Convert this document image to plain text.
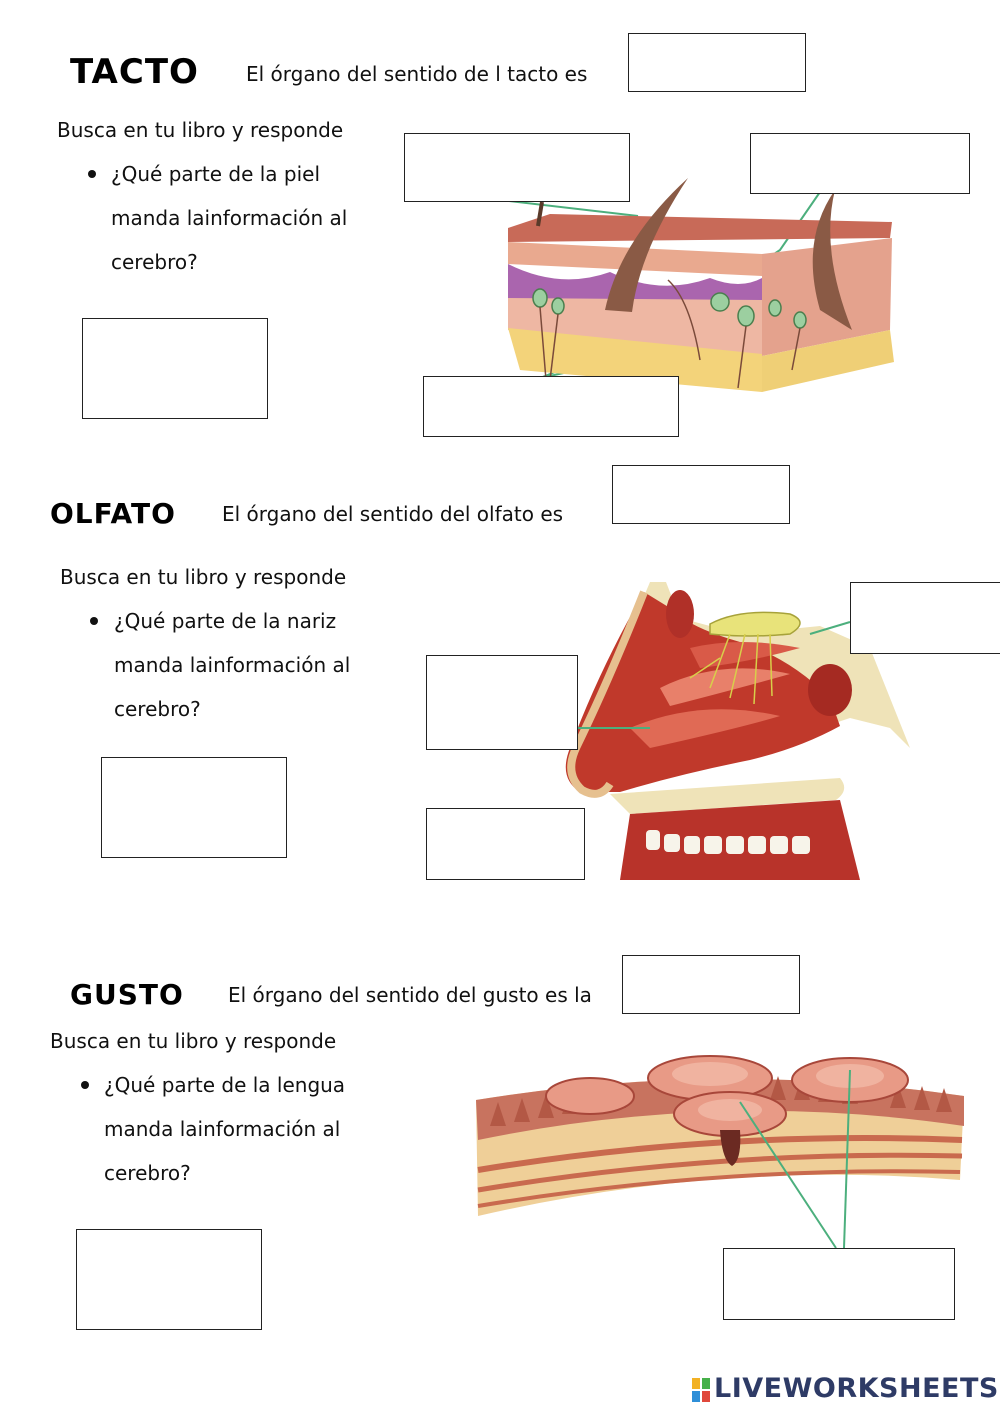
TACTO El órgano del sentido de l tacto es
Busca en tu libro y responde
¿Qué parte de la piel
manda lainformación al
cerebro?
OLFATO El órgano del sentido del olfato es
Busca en tu libro y responde
¿Qué parte de la nariz
manda lainformación al
cerebro?
GUSTO El órgano del sentido del gusto es la
Busca en tu libro y responde
¿Qué parte de la lengua
manda lainformación al
cerebro?
LIVEWORKSHEETS
